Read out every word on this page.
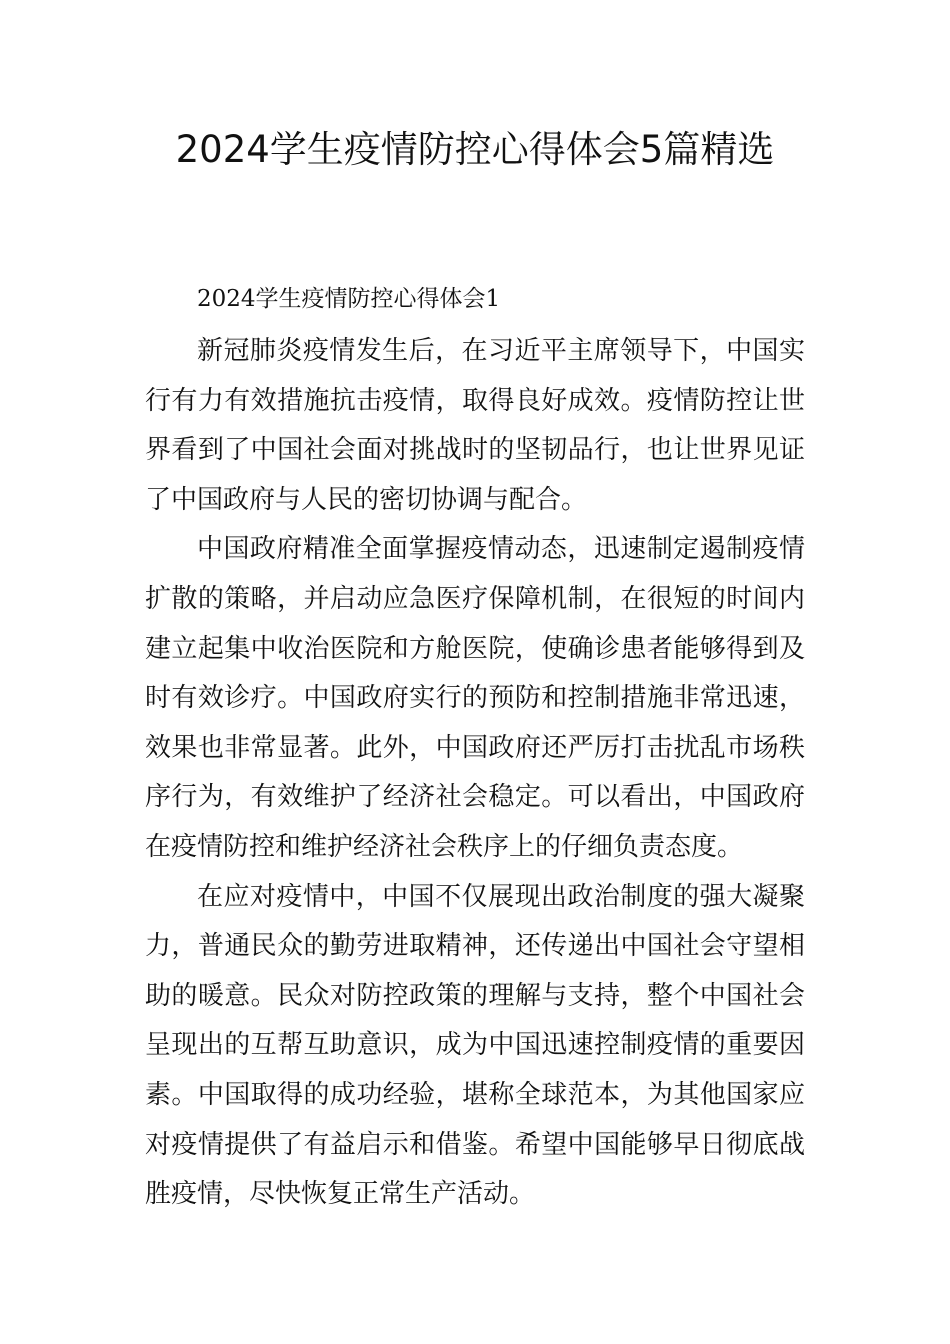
2024学生疫情防控心得体会5篇精选
2024学生疫情防控心得体会1

新冠肺炎疫情发生后，在习近平主席领导下，中国实行有力有效措施抗击疫情，取得良好成效。疫情防控让世界看到了中国社会面对挑战时的坚韧品行，也让世界见证了中国政府与人民的密切协调与配合。

中国政府精准全面掌握疫情动态，迅速制定遏制疫情扩散的策略，并启动应急医疗保障机制，在很短的时间内建立起集中收治医院和方舱医院，使确诊患者能够得到及时有效诊疗。中国政府实行的预防和控制措施非常迅速，效果也非常显著。此外，中国政府还严厉打击扰乱市场秩序行为，有效维护了经济社会稳定。可以看出，中国政府在疫情防控和维护经济社会秩序上的仔细负责态度。

在应对疫情中，中国不仅展现出政治制度的强大凝聚力，普通民众的勤劳进取精神，还传递出中国社会守望相助的暖意。民众对防控政策的理解与支持，整个中国社会呈现出的互帮互助意识，成为中国迅速控制疫情的重要因素。中国取得的成功经验，堪称全球范本，为其他国家应对疫情提供了有益启示和借鉴。希望中国能够早日彻底战胜疫情，尽快恢复正常生产活动。
